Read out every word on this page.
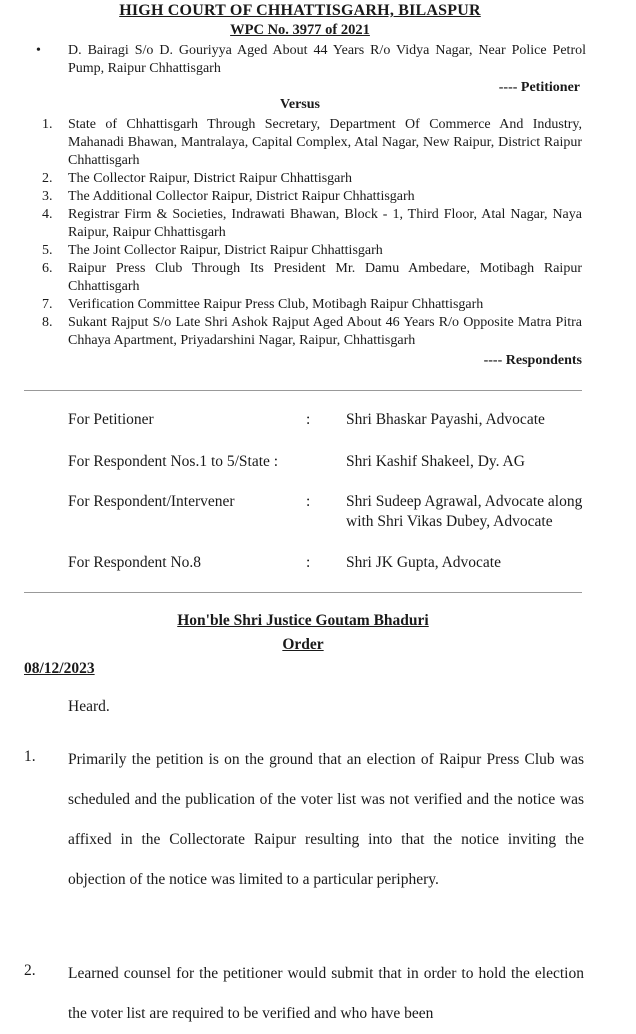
HIGH COURT OF CHHATTISGARH, BILASPUR
WPC No. 3977 of 2021
• D. Bairagi S/o D. Gouriyya Aged About 44 Years R/o Vidya Nagar, Near Police Petrol Pump, Raipur Chhattisgarh
---- Petitioner
Versus
1. State of Chhattisgarh Through Secretary, Department Of Commerce And Industry, Mahanadi Bhawan, Mantralaya, Capital Complex, Atal Nagar, New Raipur, District Raipur Chhattisgarh
2. The Collector Raipur, District Raipur Chhattisgarh
3. The Additional Collector Raipur, District Raipur Chhattisgarh
4. Registrar Firm & Societies, Indrawati Bhawan, Block - 1, Third Floor, Atal Nagar, Naya Raipur, Raipur Chhattisgarh
5. The Joint Collector Raipur, District Raipur Chhattisgarh
6. Raipur Press Club Through Its President Mr. Damu Ambedare, Motibagh Raipur Chhattisgarh
7. Verification Committee Raipur Press Club, Motibagh Raipur Chhattisgarh
8. Sukant Rajput S/o Late Shri Ashok Rajput Aged About 46 Years R/o Opposite Matra Pitra Chhaya Apartment, Priyadarshini Nagar, Raipur, Chhattisgarh
---- Respondents
For Petitioner	: Shri Bhaskar Payashi, Advocate
For Respondent Nos.1 to 5/State :	Shri Kashif Shakeel, Dy. AG
For Respondent/Intervener	: Shri Sudeep Agrawal, Advocate along with Shri Vikas Dubey, Advocate
For Respondent No.8	: Shri JK Gupta, Advocate
Hon'ble Shri Justice Goutam Bhaduri
Order
08/12/2023
Heard.
1. Primarily the petition is on the ground that an election of Raipur Press Club was scheduled and the publication of the voter list was not verified and the notice was affixed in the Collectorate Raipur resulting into that the notice inviting the objection of the notice was limited to a particular periphery.
2. Learned counsel for the petitioner would submit that in order to hold the election the voter list are required to be verified and who have been
